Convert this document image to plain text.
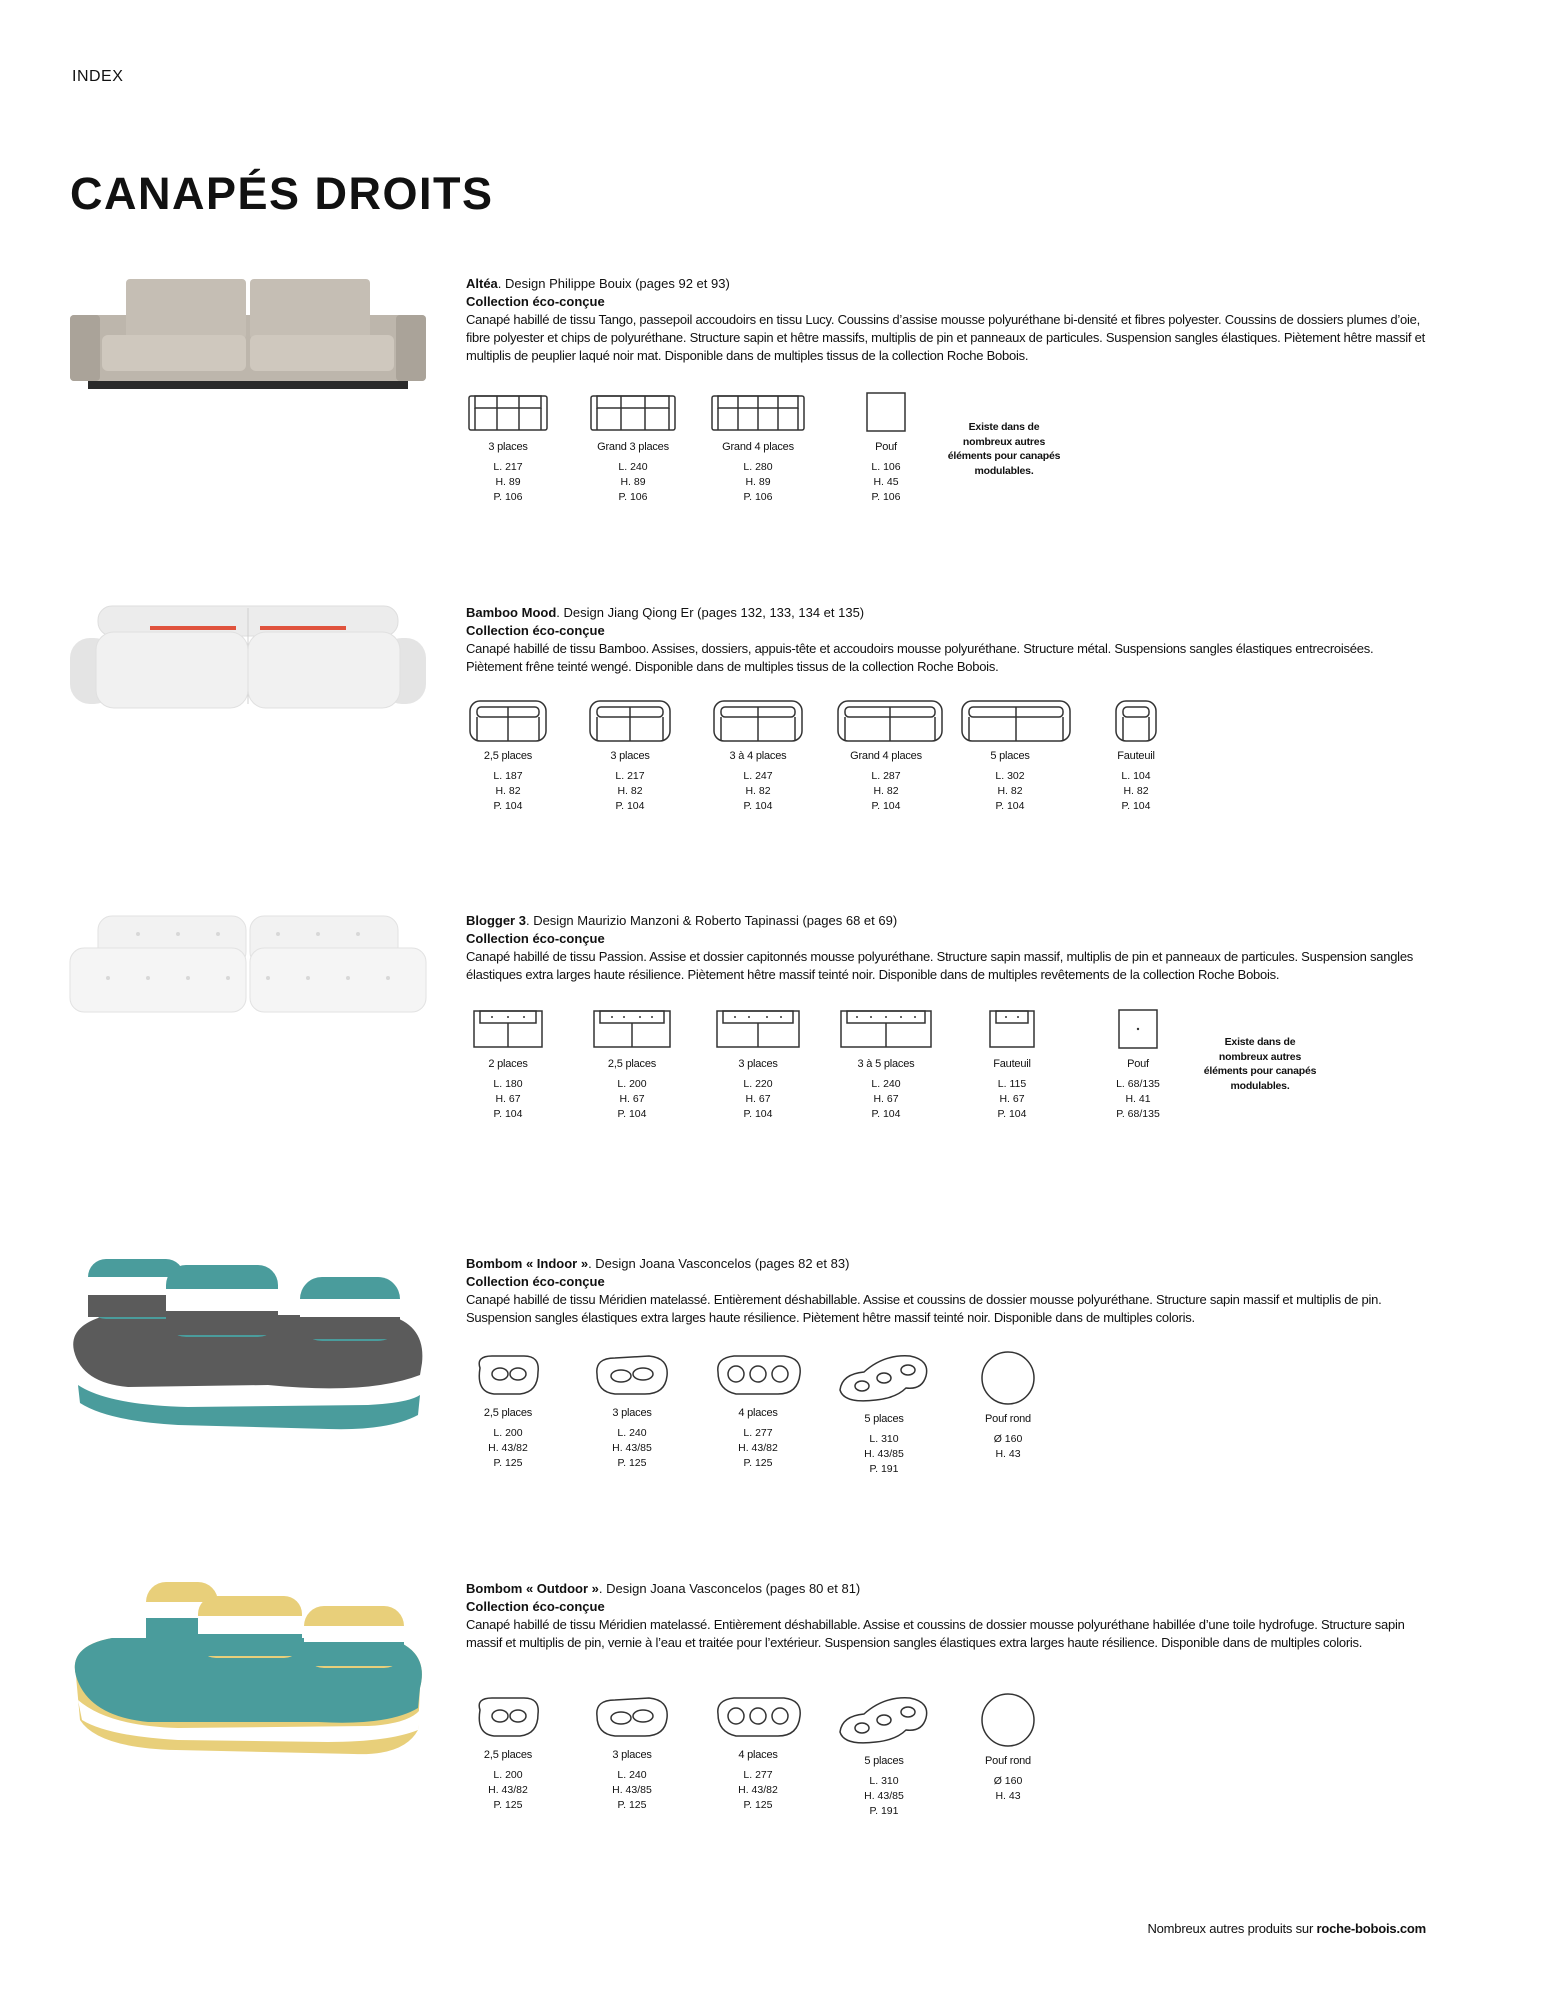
INDEX
CANAPÉS DROITS
Altéa. Design Philippe Bouix (pages 92 et 93)
Collection éco-conçue
Canapé habillé de tissu Tango, passepoil accoudoirs en tissu Lucy. Coussins d’assise mousse polyuréthane bi-densité et fibres polyester. Coussins de dossiers plumes d’oie, fibre polyester et chips de polyuréthane. Structure sapin et hêtre massifs, multiplis de pin et panneaux de particules. Suspension sangles élastiques. Piètement hêtre massif et multiplis de peuplier laqué noir mat. Disponible dans de multiples tissus de la collection Roche Bobois.
3 places
L. 217
H. 89
P. 106
Grand 3 places
L. 240
H. 89
P. 106
Grand 4 places
L. 280
H. 89
P. 106
Pouf
L. 106
H. 45
P. 106
Existe dans de nombreux autres éléments pour canapés modulables.
Bamboo Mood. Design Jiang Qiong Er (pages 132, 133, 134 et 135)
Collection éco-conçue
Canapé habillé de tissu Bamboo. Assises, dossiers, appuis-tête et accoudoirs mousse polyuréthane. Structure métal. Suspensions sangles élastiques entrecroisées. Piètement frêne teinté wengé. Disponible dans de multiples tissus de la collection Roche Bobois.
2,5 places
L. 187
H. 82
P. 104
3 places
L. 217
H. 82
P. 104
3 à 4 places
L. 247
H. 82
P. 104
Grand 4 places
L. 287
H. 82
P. 104
5 places
L. 302
H. 82
P. 104
Fauteuil
L. 104
H. 82
P. 104
Blogger 3. Design Maurizio Manzoni & Roberto Tapinassi (pages 68 et 69)
Collection éco-conçue
Canapé habillé de tissu Passion. Assise et dossier capitonnés mousse polyuréthane. Structure sapin massif, multiplis de pin et panneaux de particules. Suspension sangles élastiques extra larges haute résilience. Piètement hêtre massif teinté noir. Disponible dans de multiples revêtements de la collection Roche Bobois.
2 places
L. 180
H. 67
P. 104
2,5 places
L. 200
H. 67
P. 104
3 places
L. 220
H. 67
P. 104
3 à 5 places
L. 240
H. 67
P. 104
Fauteuil
L. 115
H. 67
P. 104
Pouf
L. 68/135
H. 41
P. 68/135
Existe dans de nombreux autres éléments pour canapés modulables.
Bombom « Indoor ». Design Joana Vasconcelos (pages 82 et 83)
Collection éco-conçue
Canapé habillé de tissu Méridien matelassé. Entièrement déshabillable. Assise et coussins de dossier mousse polyuréthane. Structure sapin massif et multiplis de pin. Suspension sangles élastiques extra larges haute résilience. Piètement hêtre massif teinté noir. Disponible dans de multiples coloris.
2,5 places
L. 200
H. 43/82
P. 125
3 places
L. 240
H. 43/85
P. 125
4 places
L. 277
H. 43/82
P. 125
5 places
L. 310
H. 43/85
P. 191
Pouf rond
Ø 160
H. 43
Bombom « Outdoor ». Design Joana Vasconcelos (pages 80 et 81)
Collection éco-conçue
Canapé habillé de tissu Méridien matelassé. Entièrement déshabillable. Assise et coussins de dossier mousse polyuréthane habillée d’une toile hydrofuge. Structure sapin massif et multiplis de pin, vernie à l’eau et traitée pour l’extérieur. Suspension sangles élastiques extra larges haute résilience. Disponible dans de multiples coloris.
2,5 places
L. 200
H. 43/82
P. 125
3 places
L. 240
H. 43/85
P. 125
4 places
L. 277
H. 43/82
P. 125
5 places
L. 310
H. 43/85
P. 191
Pouf rond
Ø 160
H. 43
Nombreux autres produits sur roche-bobois.com
